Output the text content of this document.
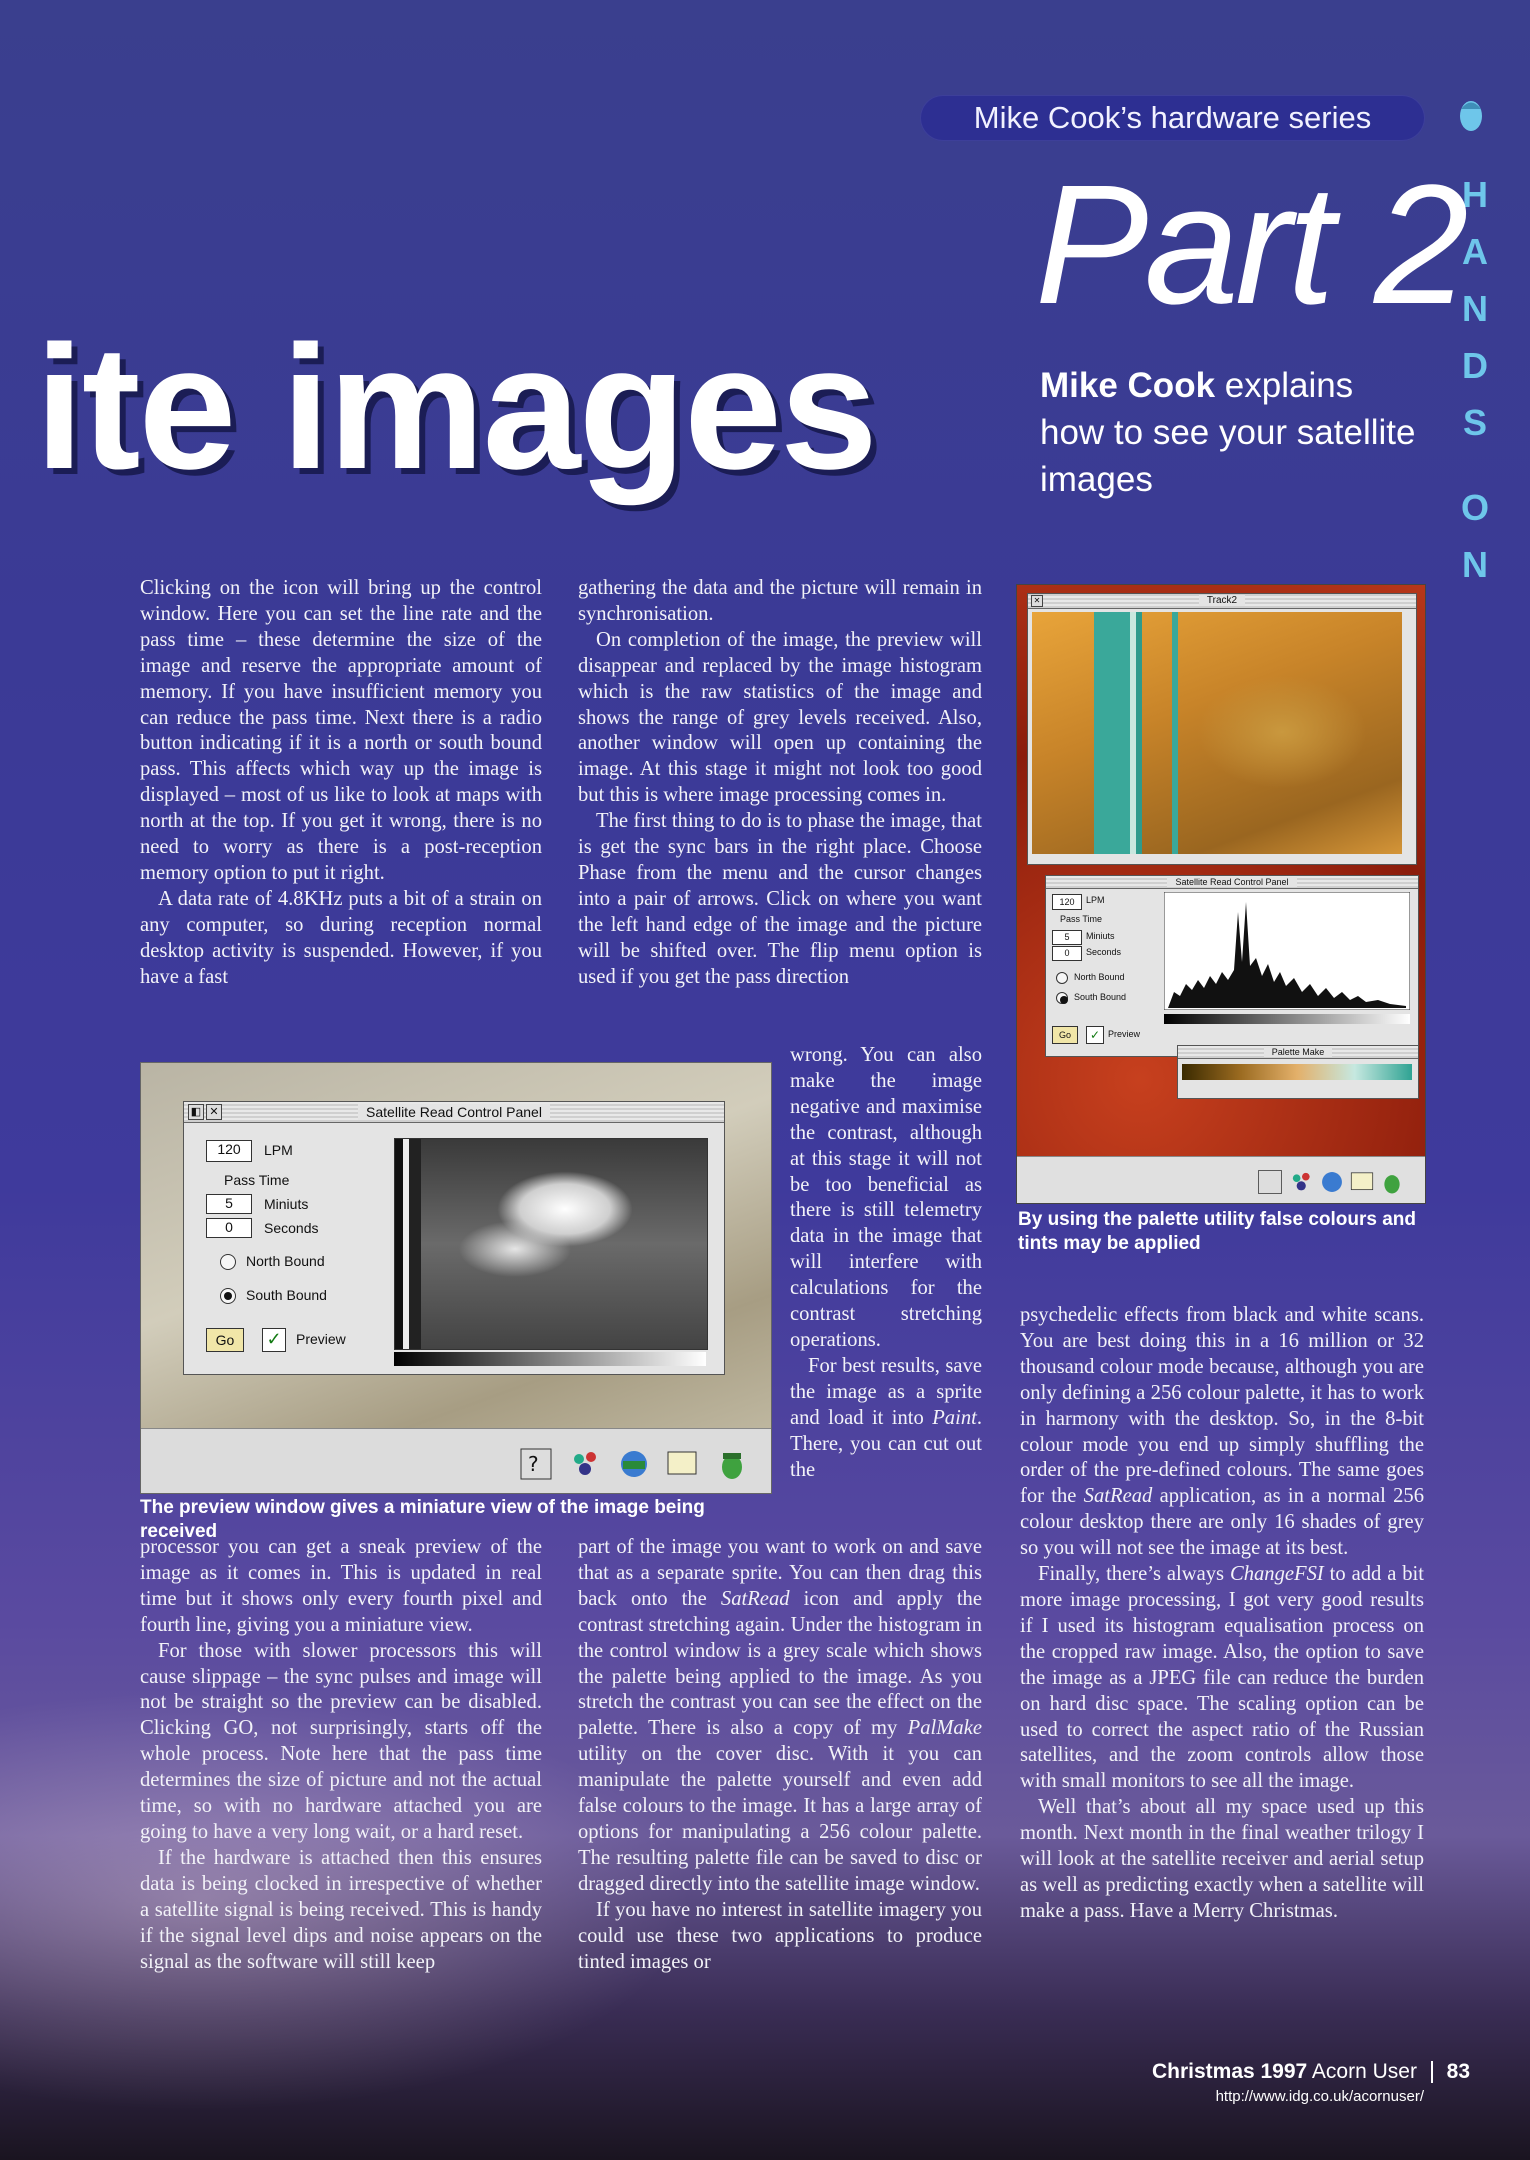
Mike Cook’s hardware series
H
A
N
D
S
O
N
Part 2
ite images	Mike Cook explains how to see your satellite images

Clicking on the icon will bring up the control window. Here you can set the line rate and the pass time – these determine the size of the image and reserve the appropriate amount of memory. If you have insufficient memory you can reduce the pass time. Next there is a radio button indicating if it is a north or south bound pass. This affects which way up the image is displayed – most of us like to look at maps with north at the top. If you get it wrong, there is no need to worry as there is a post-reception memory option to put it right.

A data rate of 4.8KHz puts a bit of a strain on any computer, so during reception normal desktop activity is suspended. However, if you have a fast

gathering the data and the picture will remain in synchronisation.

On completion of the image, the preview will disappear and replaced by the image histogram which is the raw statistics of the image and shows the range of grey levels received. Also, another window will open up containing the image. At this stage it might not look too good but this is where image processing comes in.

The first thing to do is to phase the image, that is get the sync bars in the right place. Choose Phase from the menu and the cursor changes into a pair of arrows. Click on where you want the left hand edge of the image and the picture will be shifted over. The flip menu option is used if you get the pass direction

wrong. You can also make the image negative and maximise the contrast, although at this stage it will not be too beneficial as there is still telemetry data in the image that will interfere with calculations for the contrast stretching operations.

For best results, save the image as a sprite and load it into Paint. There, you can cut out the

◧ ✕	Satellite Read Control Panel
120	LPM
Pass Time
5	Miniuts
0	Seconds
North Bound
South Bound
Go	✓	Preview
?
The preview window gives a miniature view of the image being received

processor you can get a sneak preview of the image as it comes in. This is updated in real time but it shows only every fourth pixel and fourth line, giving you a miniature view.

For those with slower processors this will cause slippage – the sync pulses and image will not be straight so the preview can be disabled. Clicking GO, not surprisingly, starts off the whole process. Note here that the pass time determines the size of picture and not the actual time, so with no hardware attached you are going to have a very long wait, or a hard reset.

If the hardware is attached then this ensures data is being clocked in irrespective of whether a satellite signal is being received. This is handy if the signal level dips and noise appears on the signal as the software will still keep

part of the image you want to work on and save that as a separate sprite. You can then drag this back onto the SatRead icon and apply the contrast stretching again. Under the histogram in the control window is a grey scale which shows the palette being applied to the image. As you stretch the contrast you can see the effect on the palette. There is also a copy of my PalMake utility on the cover disc. With it you can manipulate the palette yourself and even add false colours to the image. It has a large array of options for manipulating a 256 colour palette. The resulting palette file can be saved to disc or dragged directly into the satellite image window.

If you have no interest in satellite imagery you could use these two applications to produce tinted images or

✕	Track2
Satellite Read Control Panel
120	LPM
Pass Time
5	Miniuts
0	Seconds
North Bound
South Bound
Go	✓ Preview
Palette Make
By using the palette utility false colours and tints may be applied

psychedelic effects from black and white scans. You are best doing this in a 16 million or 32 thousand colour mode because, although you are only defining a 256 colour palette, it has to work in harmony with the desktop. So, in the 8-bit colour mode you end up simply shuffling the order of the pre-defined colours. The same goes for the SatRead application, as in a normal 256 colour desktop there are only 16 shades of grey so you will not see the image at its best.

Finally, there’s always ChangeFSI to add a bit more image processing, I got very good results if I used its histogram equalisation process on the cropped raw image. Also, the option to save the image as a JPEG file can reduce the burden on hard disc space. The scaling option can be used to correct the aspect ratio of the Russian satellites, and the zoom controls allow those with small monitors to see all the image.

Well that’s about all my space used up this month. Next month in the final weather trilogy I will look at the satellite receiver and aerial setup as well as predicting exactly when a satellite will make a pass. Have a Merry Christmas.

Christmas 1997 Acorn User 83
http://www.idg.co.uk/acornuser/
